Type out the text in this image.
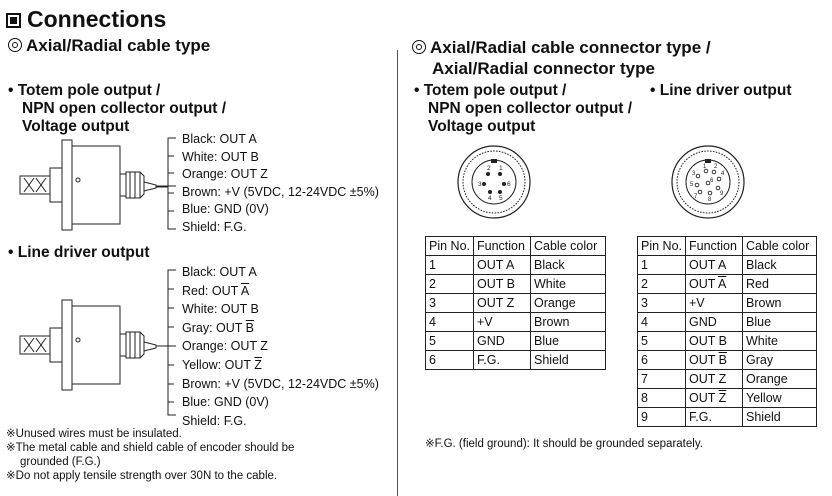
Connections
Axial/Radial cable type
• Totem pole output /
NPN open collector output /
Voltage output
Black: OUT A
White: OUT B
Orange: OUT Z
Brown: +V (5VDC, 12-24VDC ±5%)
Blue: GND (0V)
Shield: F.G.
• Line driver output
Black: OUT A
Red: OUT $\overline{A}$
White: OUT B
Gray: OUT $\overline{B}$
Orange: OUT Z
Yellow: OUT $\overline{Z}$
Brown: +V (5VDC, 12-24VDC ±5%)
Blue: GND (0V)
Shield: F.G.
※Unused wires must be insulated.
※The metal cable and shield cable of encoder should be
grounded (F.G.)
※Do not apply tensile strength over 30N to the cable.
Axial/Radial cable connector type /
Axial/Radial connector type
• Totem pole output /
NPN open collector output /
Voltage output
• Line driver output
1
2
3
4 5
6
1 2
3	4
5
6
7 8
9
Pin No.	Function	Cable color
1	OUT A	Black
2	OUT B	White
3	OUT Z	Orange
4	+V	Brown
5	GND	Blue
6	F.G.	Shield
Pin No.	Function	Cable color
1	OUT A	Black
2	OUT $\overline{A}$	Red
3	+V	Brown
4	GND	Blue
5	OUT B	White
6	OUT $\overline{B}$	Gray
7	OUT Z	Orange
8	OUT $\overline{Z}$	Yellow
9	F.G.	Shield
※F.G. (field ground): It should be grounded separately.
